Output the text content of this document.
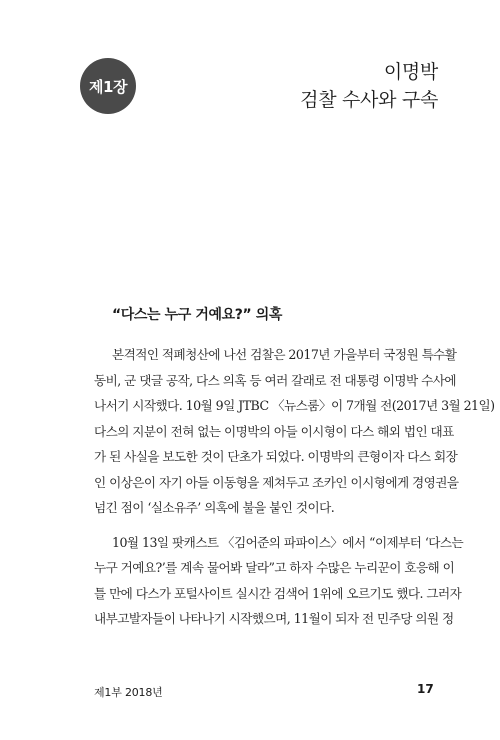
제1장
이명박
검찰 수사와 구속
“다스는 누구 거예요?” 의혹
본격적인 적폐청산에 나선 검찰은 2017년 가을부터 국정원 특수활
동비, 군 댓글 공작, 다스 의혹 등 여러 갈래로 전 대통령 이명박 수사에
나서기 시작했다. 10월 9일 JTBC 〈뉴스룸〉이 7개월 전(2017년 3월 21일)
다스의 지분이 전혀 없는 이명박의 아들 이시형이 다스 해외 법인 대표
가 된 사실을 보도한 것이 단초가 되었다. 이명박의 큰형이자 다스 회장
인 이상은이 자기 아들 이동형을 제쳐두고 조카인 이시형에게 경영권을
넘긴 점이 ‘실소유주’ 의혹에 불을 붙인 것이다.
10월 13일 팟캐스트 〈김어준의 파파이스〉에서 “이제부터 ‘다스는
누구 거예요?’를 계속 물어봐 달라”고 하자 수많은 누리꾼이 호응해 이
틀 만에 다스가 포털사이트 실시간 검색어 1위에 오르기도 했다. 그러자
내부고발자들이 나타나기 시작했으며, 11월이 되자 전 민주당 의원 정
제1부 2018년	17
